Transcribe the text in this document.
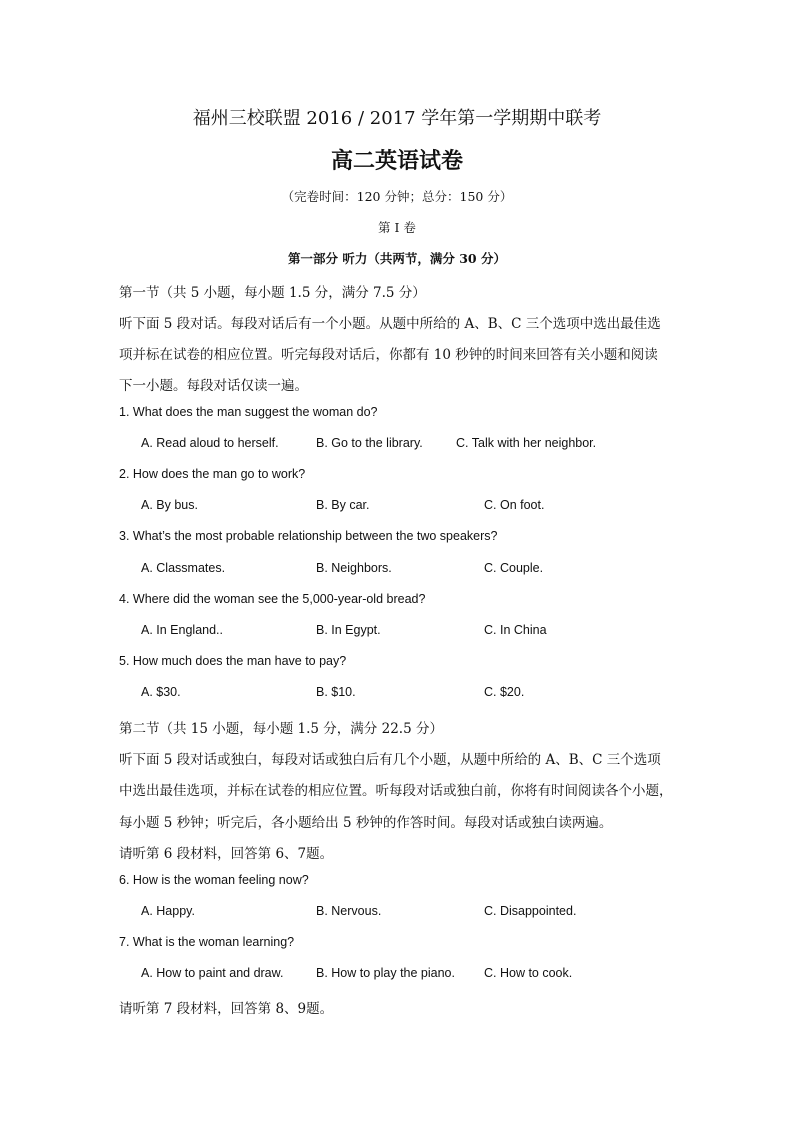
福州三校联盟 2016 / 2017 学年第一学期期中联考
高二英语试卷
（完卷时间：120 分钟；总分：150 分）
第 I 卷
第一部分 听力（共两节，满分 30 分）
第一节（共 5 小题，每小题 1.5 分，满分 7.5 分）
听下面 5 段对话。每段对话后有一个小题。从题中所给的 A、B、C 三个选项中选出最佳选
项并标在试卷的相应位置。听完每段对话后，你都有 10 秒钟的时间来回答有关小题和阅读
下一小题。每段对话仅读一遍。
1. What does the man suggest the woman do?
A. Read aloud to herself.	B. Go to the library.	C. Talk with her neighbor.
2. How does the man go to work?
A. By bus.	B. By car.	C. On foot.
3. What’s the most probable relationship between the two speakers?
A. Classmates.	B. Neighbors.	C. Couple.
4. Where did the woman see the 5,000-year-old bread?
A. In England..	B. In Egypt.	C. In China
5. How much does the man have to pay?
A. $30.	B. $10.	C. $20.
第二节（共 15 小题，每小题 1.5 分，满分 22.5 分）
听下面 5 段对话或独白，每段对话或独白后有几个小题，从题中所给的 A、B、C 三个选项
中选出最佳选项，并标在试卷的相应位置。听每段对话或独白前，你将有时间阅读各个小题，
每小题 5 秒钟；听完后，各小题给出 5 秒钟的作答时间。每段对话或独白读两遍。
请听第 6 段材料，回答第 6、7题。
6. How is the woman feeling now?
A. Happy.	B. Nervous.	C. Disappointed.
7. What is the woman learning?
A. How to paint and draw.	B. How to play the piano. C. How to cook.
请听第 7 段材料，回答第 8、9题。
